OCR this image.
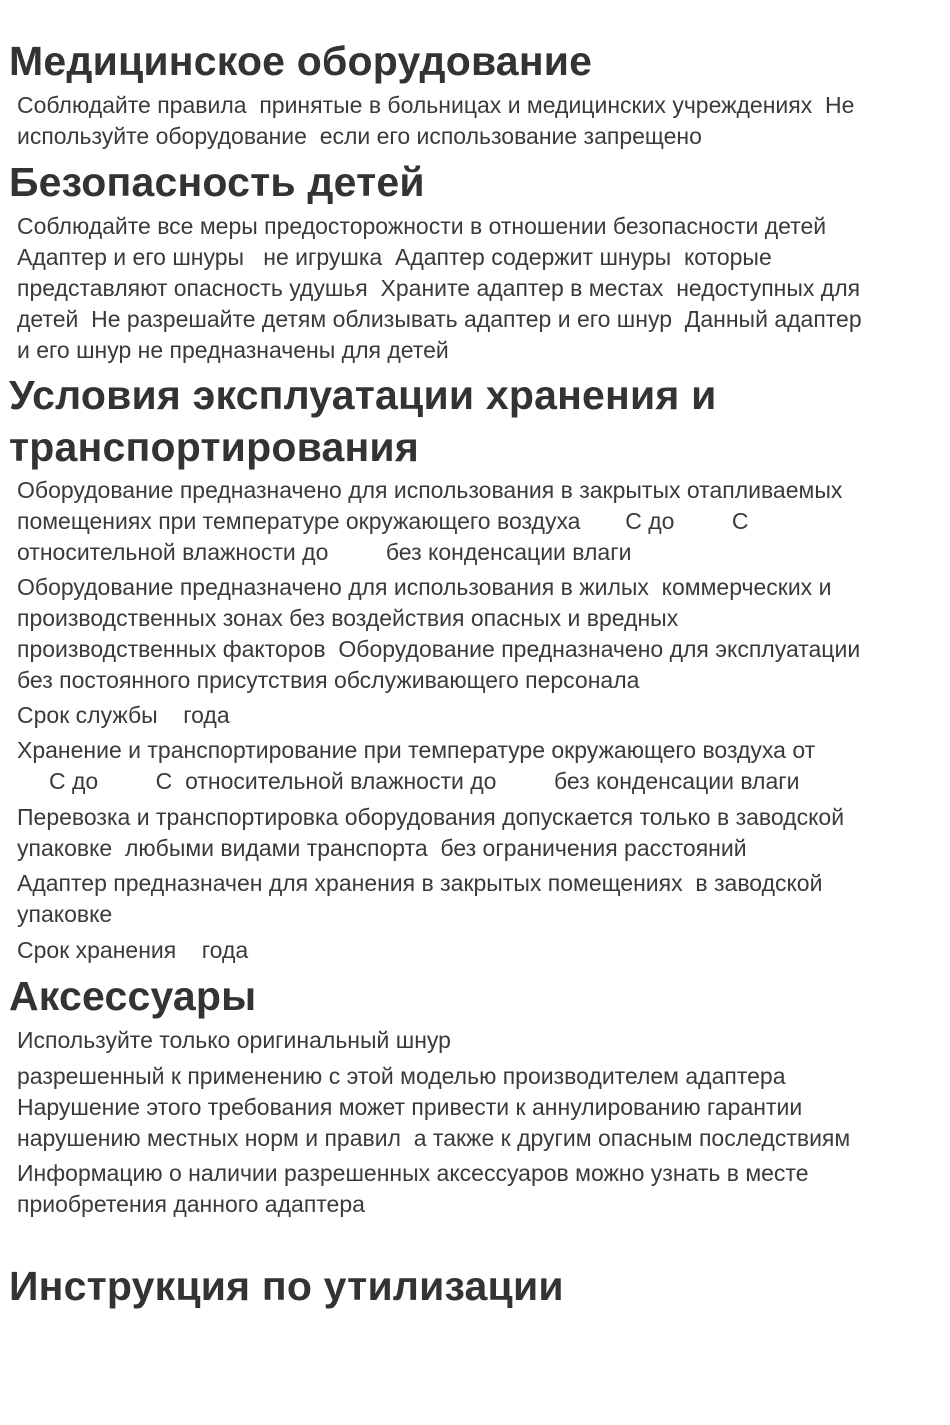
Медицинское оборудование

Соблюдайте правила  принятые в больницах и медицинских учреждениях  Не
используйте оборудование  если его использование запрещено

Безопасность детей

Соблюдайте все меры предосторожности в отношении безопасности детей
Адаптер и его шнуры   не игрушка  Адаптер содержит шнуры  которые
представляют опасность удушья  Храните адаптер в местах  недоступных для
детей  Не разрешайте детям облизывать адаптер и его шнур  Данный адаптер
и его шнур не предназначены для детей

Условия эксплуатации хранения и
транспортирования

Оборудование предназначено для использования в закрытых отапливаемых
помещениях при температуре окружающего воздуха       С до         С
относительной влажности до         без конденсации влаги

Оборудование предназначено для использования в жилых  коммерческих и
производственных зонах без воздействия опасных и вредных
производственных факторов  Оборудование предназначено для эксплуатации
без постоянного присутствия обслуживающего персонала

Срок службы    года

Хранение и транспортирование при температуре окружающего воздуха от
С до         С  относительной влажности до         без конденсации влаги

Перевозка и транспортировка оборудования допускается только в заводской
упаковке  любыми видами транспорта  без ограничения расстояний

Адаптер предназначен для хранения в закрытых помещениях  в заводской
упаковке

Срок хранения    года

Аксессуары

Используйте только оригинальный шнур

разрешенный к применению с этой моделью производителем адаптера
Нарушение этого требования может привести к аннулированию гарантии
нарушению местных норм и правил  а также к другим опасным последствиям

Информацию о наличии разрешенных аксессуаров можно узнать в месте
приобретения данного адаптера

Инструкция по утилизации
